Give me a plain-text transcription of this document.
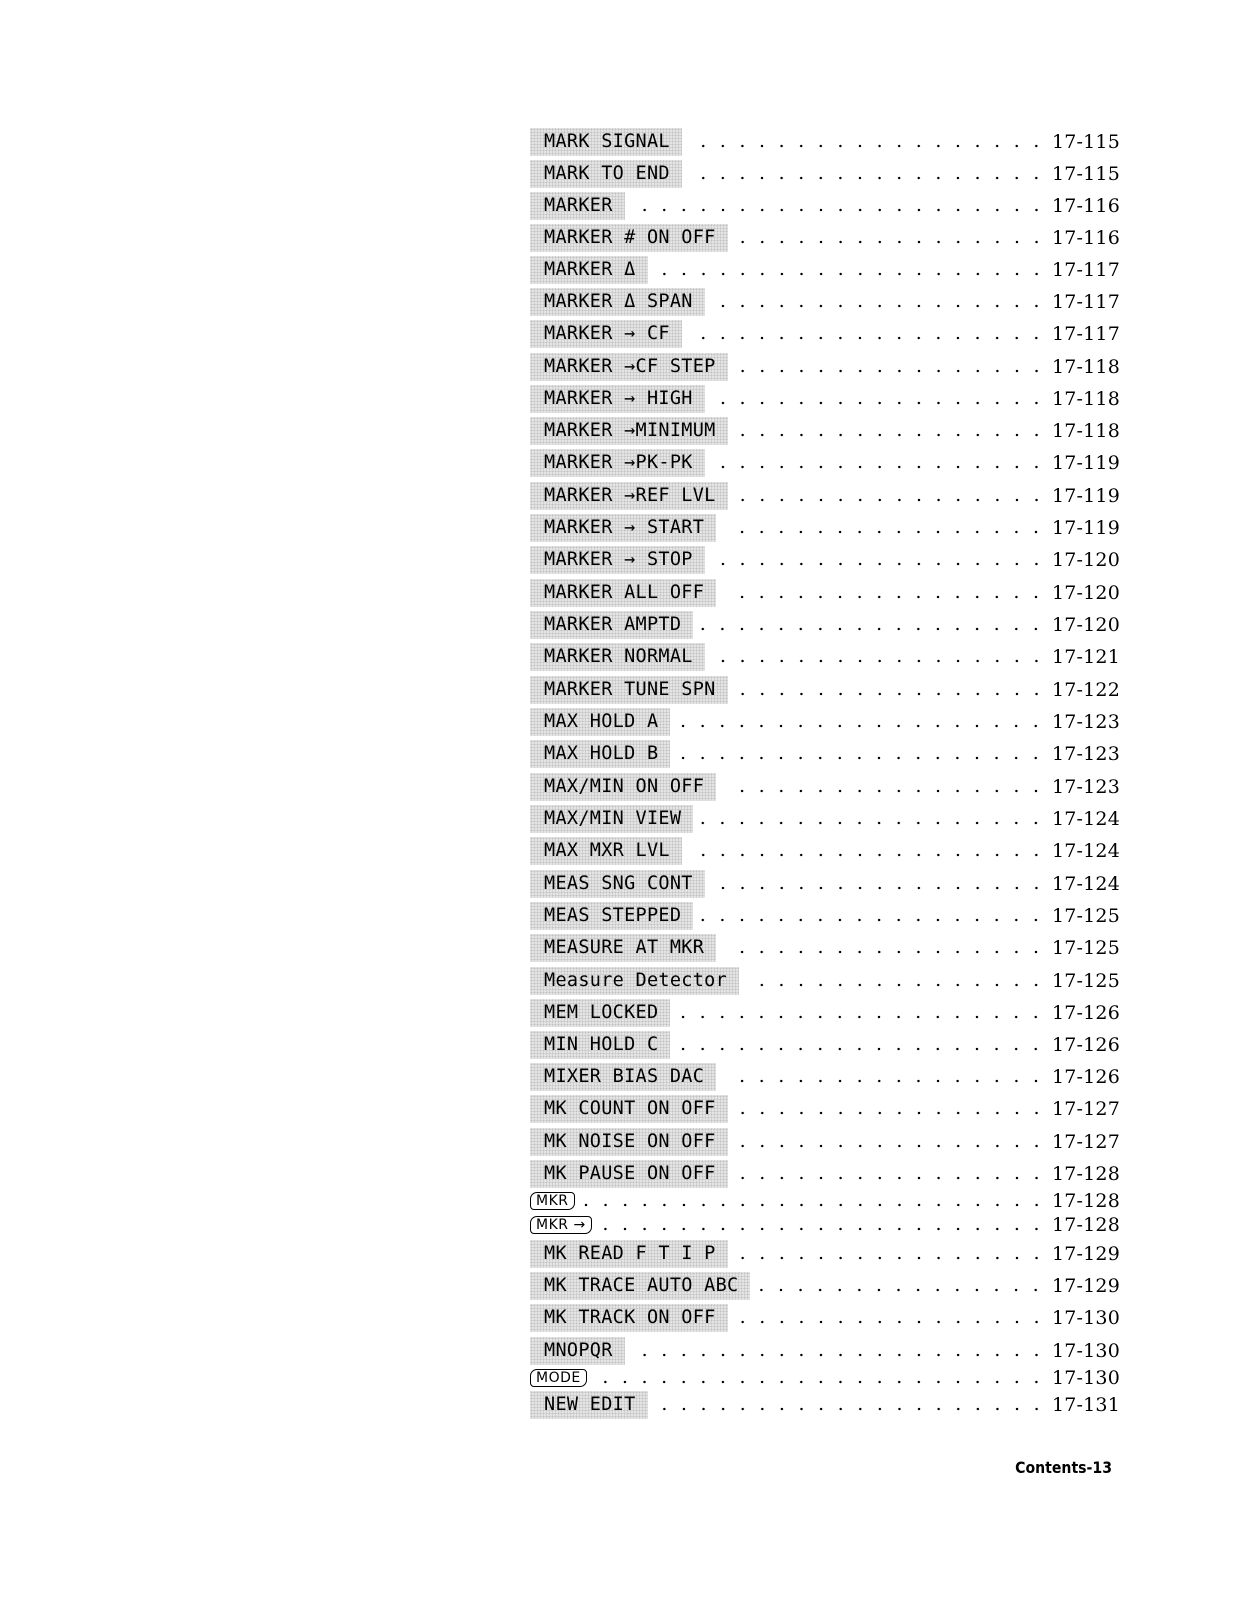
MARK SIGNAL	17-115
MARK TO END	17-115
MARKER	17-116
MARKER # ON OFF	17-116
MARKER Δ	17-117
MARKER Δ SPAN	17-117
MARKER → CF	17-117
MARKER →CF STEP	17-118
MARKER → HIGH	17-118
MARKER →MINIMUM	17-118
MARKER →PK-PK	17-119
MARKER →REF LVL	17-119
MARKER → START	17-119
MARKER → STOP	17-120
MARKER ALL OFF	17-120
MARKER AMPTD	17-120
MARKER NORMAL	17-121
MARKER TUNE SPN	17-122
MAX HOLD A	17-123
MAX HOLD B	17-123
MAX/MIN ON OFF	17-123
MAX/MIN VIEW	17-124
MAX MXR LVL	17-124
MEAS SNG CONT	17-124
MEAS STEPPED	17-125
MEASURE AT MKR	17-125
Measure Detector	17-125
MEM LOCKED	17-126
MIN HOLD C	17-126
MIXER BIAS DAC	17-126
MK COUNT ON OFF	17-127
MK NOISE ON OFF	17-127
MK PAUSE ON OFF	17-128
MKR	17-128
MKR →	17-128
MK READ F T I P	17-129
MK TRACE AUTO ABC	17-129
MK TRACK ON OFF	17-130
MNOPQR	17-130
MODE	17-130
NEW EDIT	17-131
Contents-13
